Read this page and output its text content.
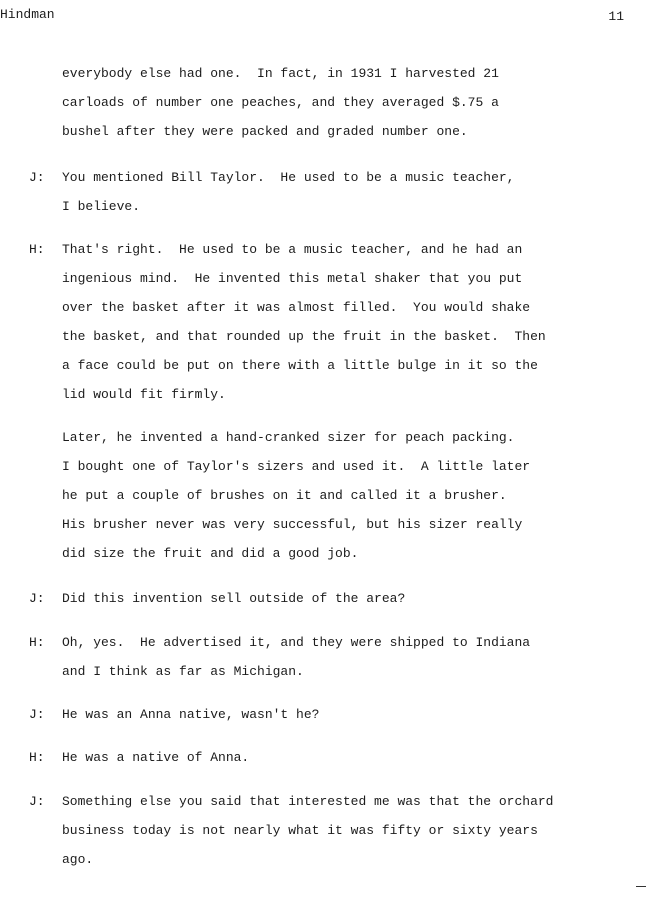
Hindman	11
everybody else had one.  In fact, in 1931 I harvested 21
carloads of number one peaches, and they averaged $.75 a
bushel after they were packed and graded number one.
J: You mentioned Bill Taylor.  He used to be a music teacher,
I believe.
H: That's right.  He used to be a music teacher, and he had an
ingenious mind.  He invented this metal shaker that you put
over the basket after it was almost filled.  You would shake
the basket, and that rounded up the fruit in the basket.  Then
a face could be put on there with a little bulge in it so the
lid would fit firmly.
Later, he invented a hand-cranked sizer for peach packing.
I bought one of Taylor's sizers and used it.  A little later
he put a couple of brushes on it and called it a brusher.
His brusher never was very successful, but his sizer really
did size the fruit and did a good job.
J: Did this invention sell outside of the area?
H: Oh, yes.  He advertised it, and they were shipped to Indiana
and I think as far as Michigan.
J: He was an Anna native, wasn't he?
H: He was a native of Anna.
J: Something else you said that interested me was that the orchard
business today is not nearly what it was fifty or sixty years
ago.
